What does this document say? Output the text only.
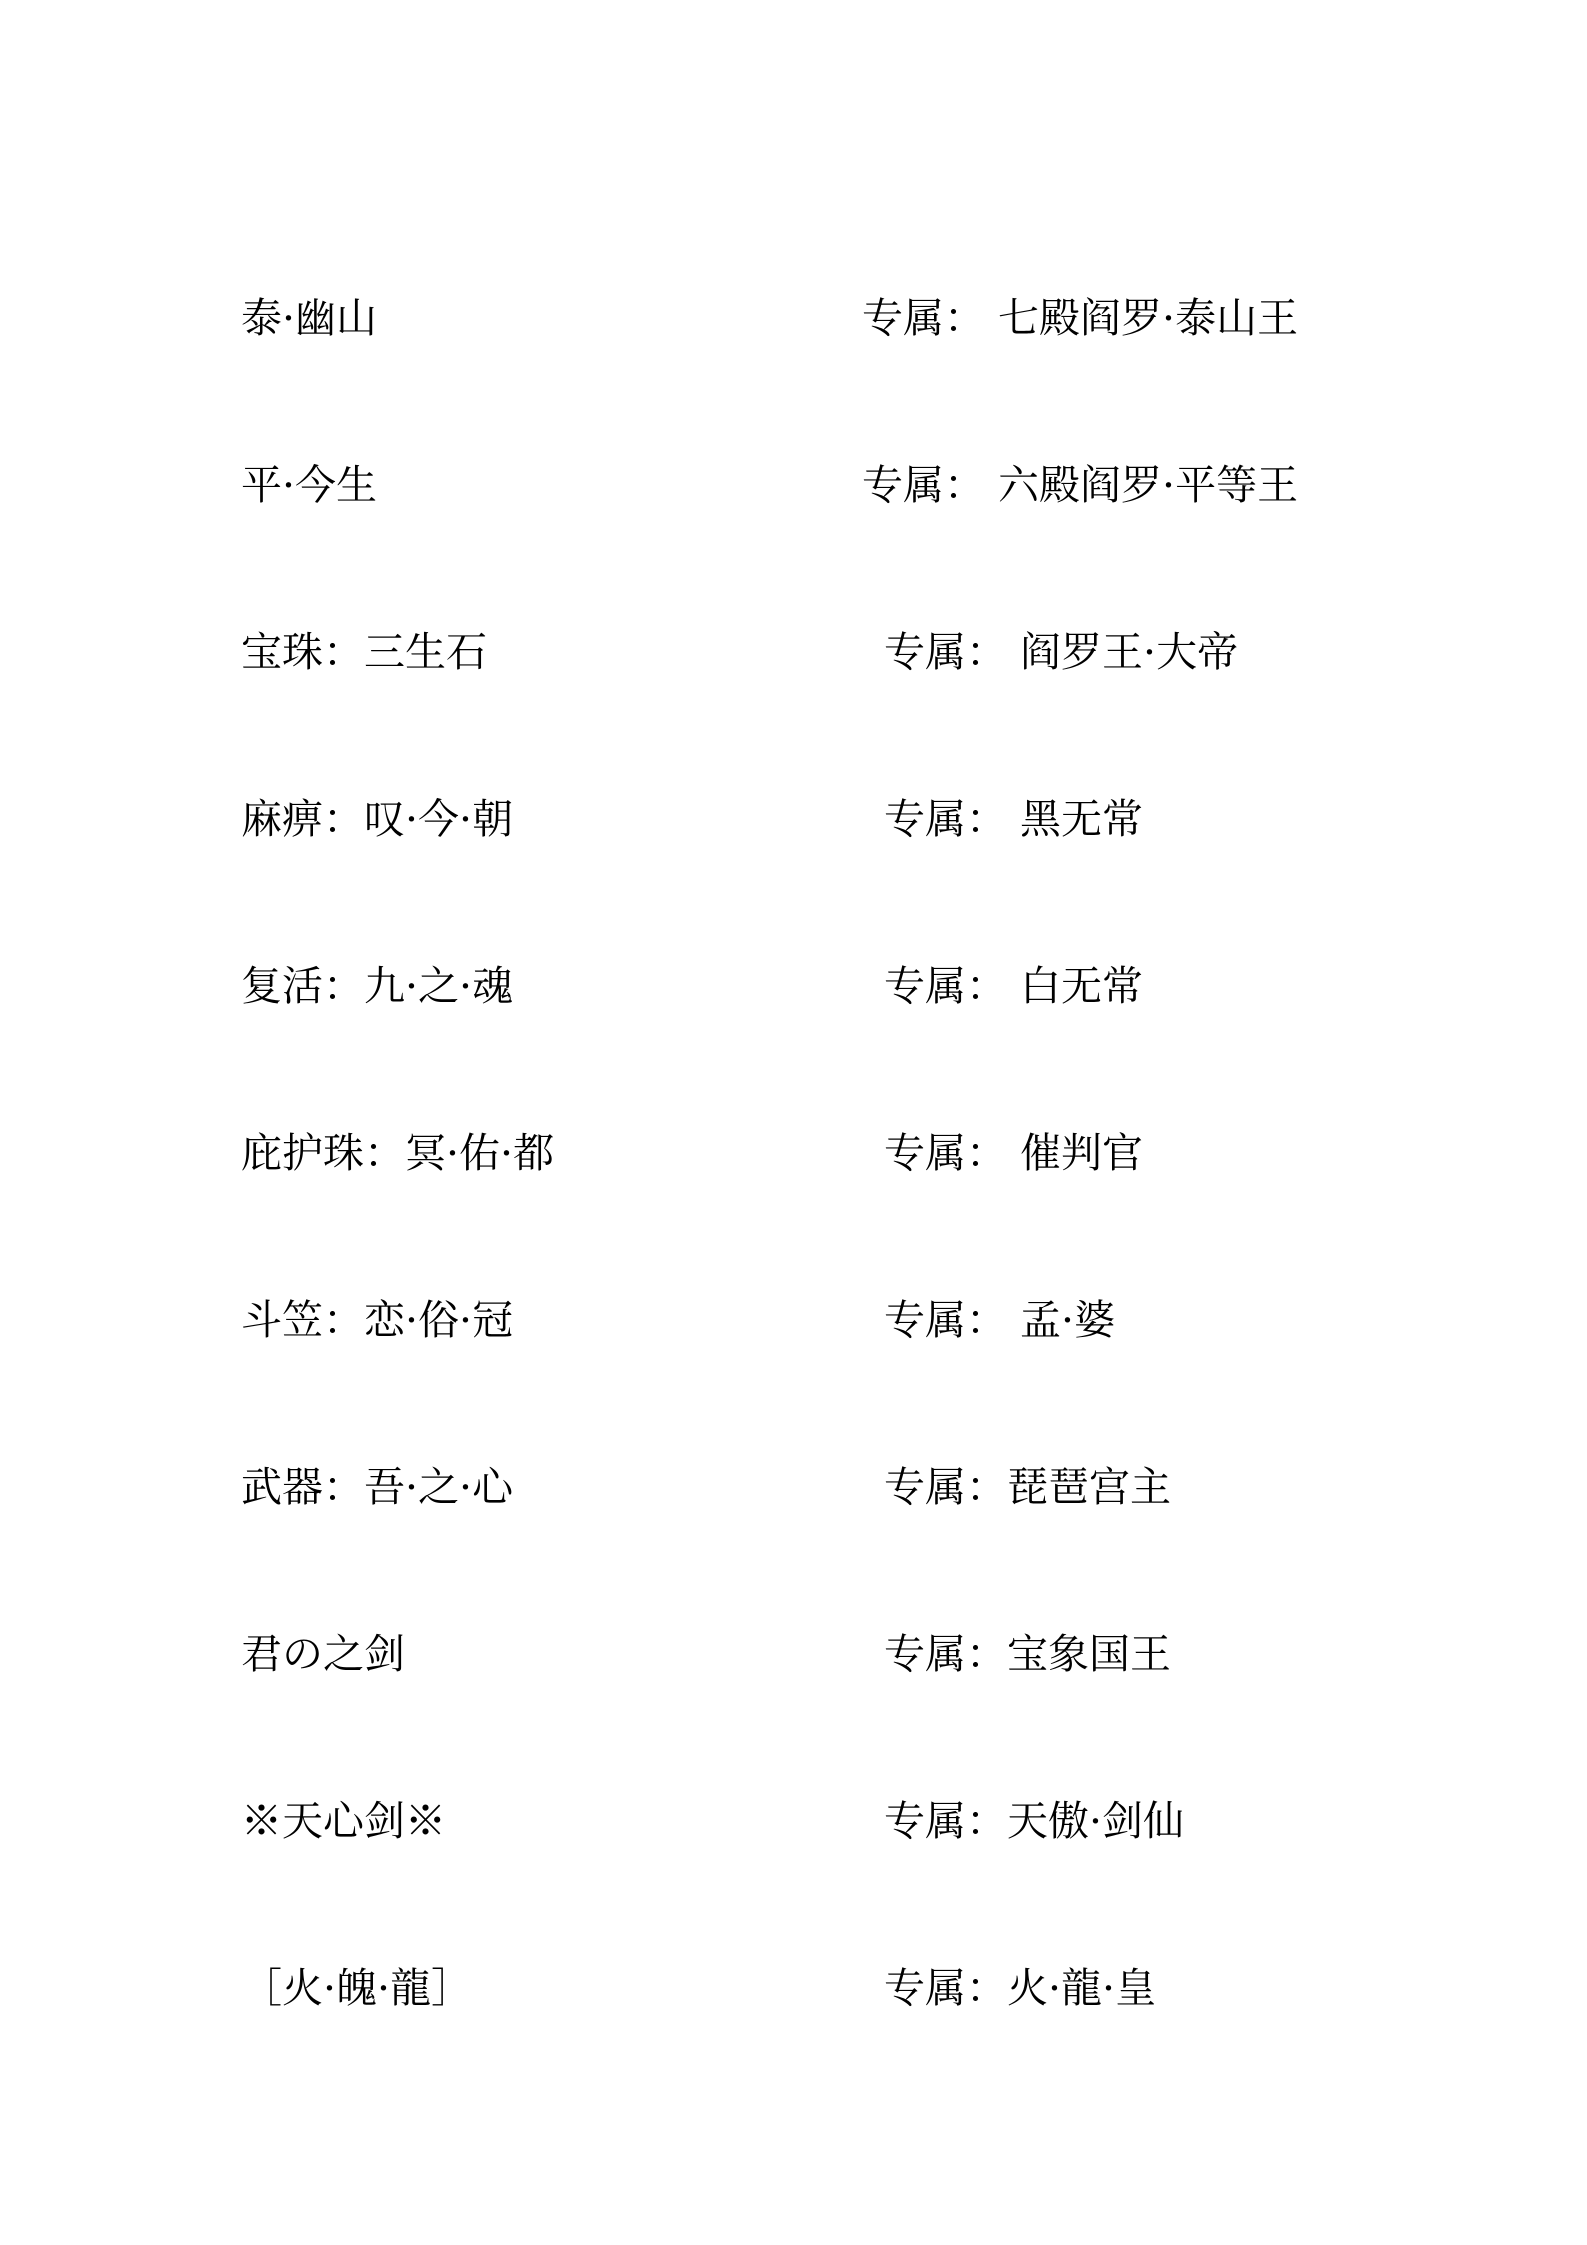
泰·幽山	专属： 七殿阎罗·泰山王
平·今生	专属： 六殿阎罗·平等王
宝珠：三生石	专属： 阎罗王·大帝
麻痹：叹·今·朝	专属： 黑无常
复活：九·之·魂	专属： 白无常
庇护珠：冥·佑·都	专属： 催判官
斗笠：恋·俗·冠	专属： 孟·婆
武器：吾·之·心	专属：琵琶宫主
君の之剑	专属：宝象国王
※天心剑※	专属：天傲·剑仙
［火·魄·龍］	专属：火·龍·皇
